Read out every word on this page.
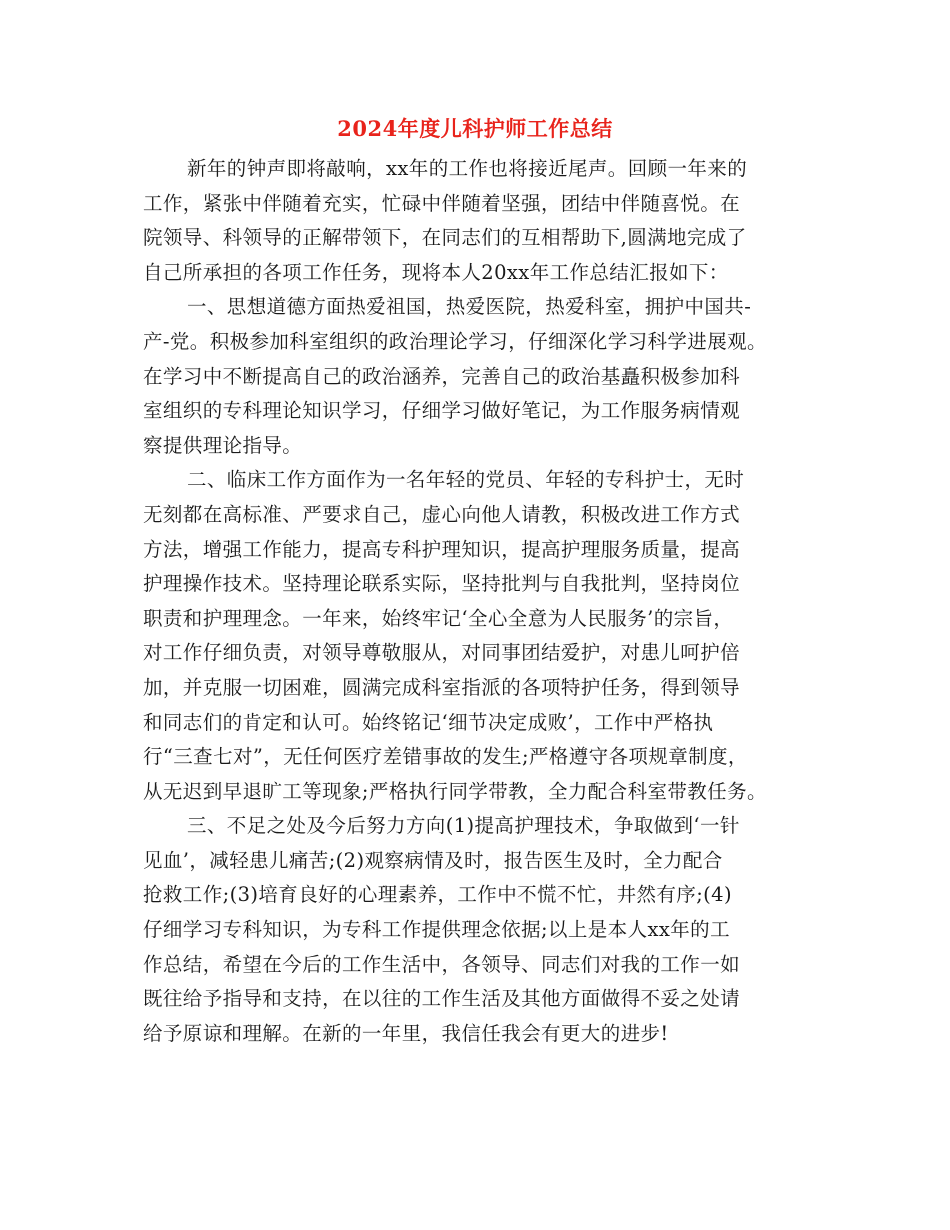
2024年度儿科护师工作总结
新年的钟声即将敲响，xx年的工作也将接近尾声。回顾一年来的
工作，紧张中伴随着充实，忙碌中伴随着坚强，团结中伴随喜悦。在
院领导、科领导的正解带领下，在同志们的互相帮助下,圆满地完成了
自己所承担的各项工作任务，现将本人20xx年工作总结汇报如下：
一、思想道德方面热爱祖国，热爱医院，热爱科室，拥护中国共-
产-党。积极参加科室组织的政治理论学习，仔细深化学习科学进展观。
在学习中不断提高自己的政治涵养，完善自己的政治基矗积极参加科
室组织的专科理论知识学习，仔细学习做好笔记，为工作服务病情观
察提供理论指导。
二、临床工作方面作为一名年轻的党员、年轻的专科护士，无时
无刻都在高标准、严要求自己，虚心向他人请教，积极改进工作方式
方法，增强工作能力，提高专科护理知识，提高护理服务质量，提高
护理操作技术。坚持理论联系实际，坚持批判与自我批判，坚持岗位
职责和护理理念。一年来，始终牢记‘全心全意为人民服务’的宗旨，
对工作仔细负责，对领导尊敬服从，对同事团结爱护，对患儿呵护倍
加，并克服一切困难，圆满完成科室指派的各项特护任务，得到领导
和同志们的肯定和认可。始终铭记‘细节决定成败’，工作中严格执
行“三查七对”，无任何医疗差错事故的发生;严格遵守各项规章制度，
从无迟到早退旷工等现象;严格执行同学带教，全力配合科室带教任务。
三、不足之处及今后努力方向(1)提高护理技术，争取做到‘一针
见血’，减轻患儿痛苦;(2)观察病情及时，报告医生及时，全力配合
抢救工作;(3)培育良好的心理素养，工作中不慌不忙，井然有序;(4)
仔细学习专科知识，为专科工作提供理念依据;以上是本人xx年的工
作总结，希望在今后的工作生活中，各领导、同志们对我的工作一如
既往给予指导和支持，在以往的工作生活及其他方面做得不妥之处请
给予原谅和理解。在新的一年里，我信任我会有更大的进步!
